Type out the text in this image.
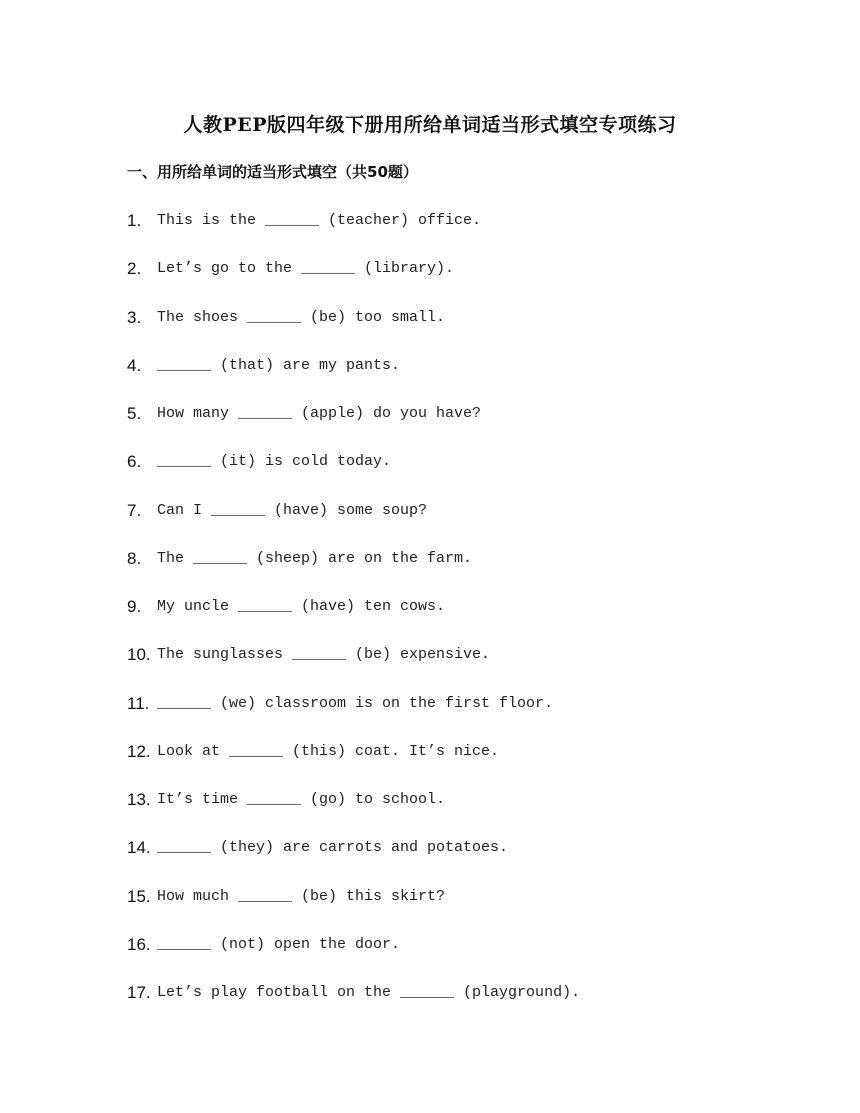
人教PEP版四年级下册用所给单词适当形式填空专项练习
一、用所给单词的适当形式填空（共50题）
1.	This is the ______ (teacher) office.
2.	Let’s go to the ______ (library).
3.	The shoes ______ (be) too small.
4.	______ (that) are my pants.
5.	How many ______ (apple) do you have?
6.	______ (it) is cold today.
7.	Can I ______ (have) some soup?
8.	The ______ (sheep) are on the farm.
9.	My uncle ______ (have) ten cows.
10. The sunglasses ______ (be) expensive.
11. ______ (we) classroom is on the first floor.
12. Look at ______ (this) coat. It’s nice.
13. It’s time ______ (go) to school.
14. ______ (they) are carrots and potatoes.
15. How much ______ (be) this skirt?
16. ______ (not) open the door.
17. Let’s play football on the ______ (playground).
